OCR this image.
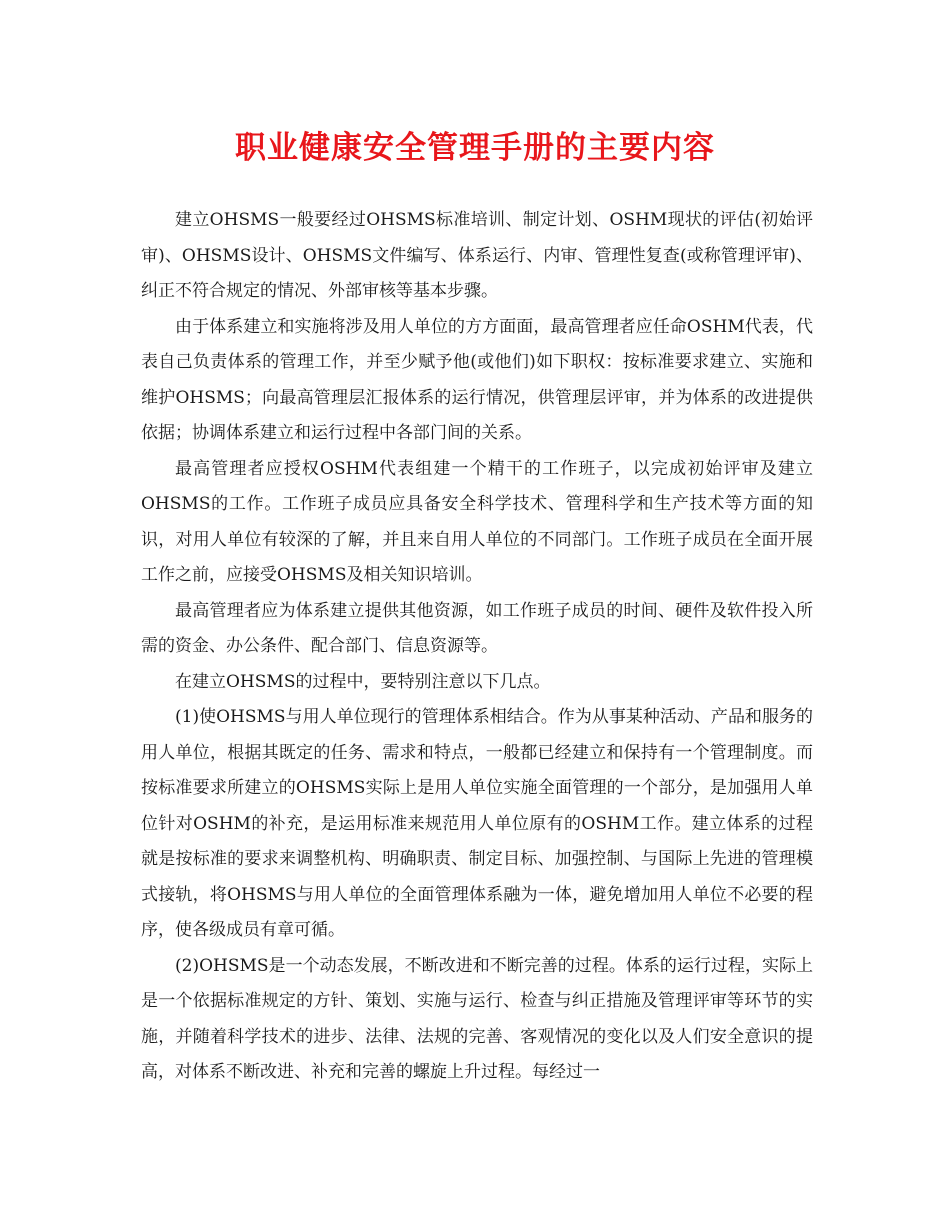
职业健康安全管理手册的主要内容

建立OHSMS一般要经过OHSMS标准培训、制定计划、OSHM现状的评估(初始评审)、OHSMS设计、OHSMS文件编写、体系运行、内审、管理性复查(或称管理评审)、纠正不符合规定的情况、外部审核等基本步骤。

由于体系建立和实施将涉及用人单位的方方面面，最高管理者应任命OSHM代表，代表自己负责体系的管理工作，并至少赋予他(或他们)如下职权：按标准要求建立、实施和维护OHSMS；向最高管理层汇报体系的运行情况，供管理层评审，并为体系的改进提供依据；协调体系建立和运行过程中各部门间的关系。

最高管理者应授权OSHM代表组建一个精干的工作班子，以完成初始评审及建立OHSMS的工作。工作班子成员应具备安全科学技术、管理科学和生产技术等方面的知识，对用人单位有较深的了解，并且来自用人单位的不同部门。工作班子成员在全面开展工作之前，应接受OHSMS及相关知识培训。

最高管理者应为体系建立提供其他资源，如工作班子成员的时间、硬件及软件投入所需的资金、办公条件、配合部门、信息资源等。

在建立OHSMS的过程中，要特别注意以下几点。

(1)使OHSMS与用人单位现行的管理体系相结合。作为从事某种活动、产品和服务的用人单位，根据其既定的任务、需求和特点，一般都已经建立和保持有一个管理制度。而按标准要求所建立的OHSMS实际上是用人单位实施全面管理的一个部分，是加强用人单位针对OSHM的补充，是运用标准来规范用人单位原有的OSHM工作。建立体系的过程就是按标准的要求来调整机构、明确职责、制定目标、加强控制、与国际上先进的管理模式接轨，将OHSMS与用人单位的全面管理体系融为一体，避免增加用人单位不必要的程序，使各级成员有章可循。

(2)OHSMS是一个动态发展，不断改进和不断完善的过程。体系的运行过程，实际上是一个依据标准规定的方针、策划、实施与运行、检查与纠正措施及管理评审等环节的实施，并随着科学技术的进步、法律、法规的完善、客观情况的变化以及人们安全意识的提高，对体系不断改进、补充和完善的螺旋上升过程。每经过一
